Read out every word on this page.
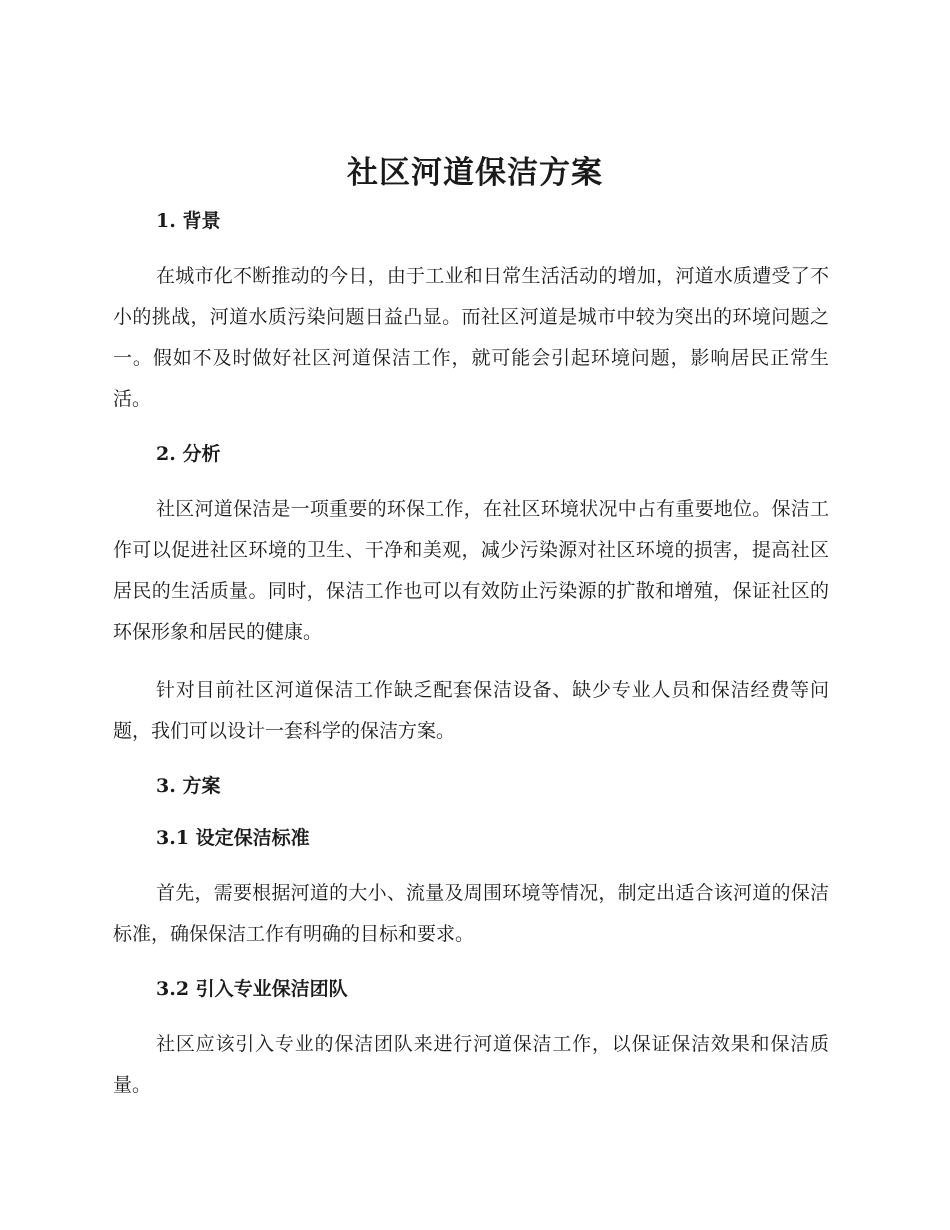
社区河道保洁方案
1. 背景

在城市化不断推动的今日，由于工业和日常生活活动的增加，河道水质遭受了不小的挑战，河道水质污染问题日益凸显。而社区河道是城市中较为突出的环境问题之一。假如不及时做好社区河道保洁工作，就可能会引起环境问题，影响居民正常生活。

2. 分析

社区河道保洁是一项重要的环保工作，在社区环境状况中占有重要地位。保洁工作可以促进社区环境的卫生、干净和美观，减少污染源对社区环境的损害，提高社区居民的生活质量。同时，保洁工作也可以有效防止污染源的扩散和增殖，保证社区的环保形象和居民的健康。

针对目前社区河道保洁工作缺乏配套保洁设备、缺少专业人员和保洁经费等问题，我们可以设计一套科学的保洁方案。

3. 方案
3.1 设定保洁标准

首先，需要根据河道的大小、流量及周围环境等情况，制定出适合该河道的保洁标准，确保保洁工作有明确的目标和要求。

3.2 引入专业保洁团队

社区应该引入专业的保洁团队来进行河道保洁工作，以保证保洁效果和保洁质量。
